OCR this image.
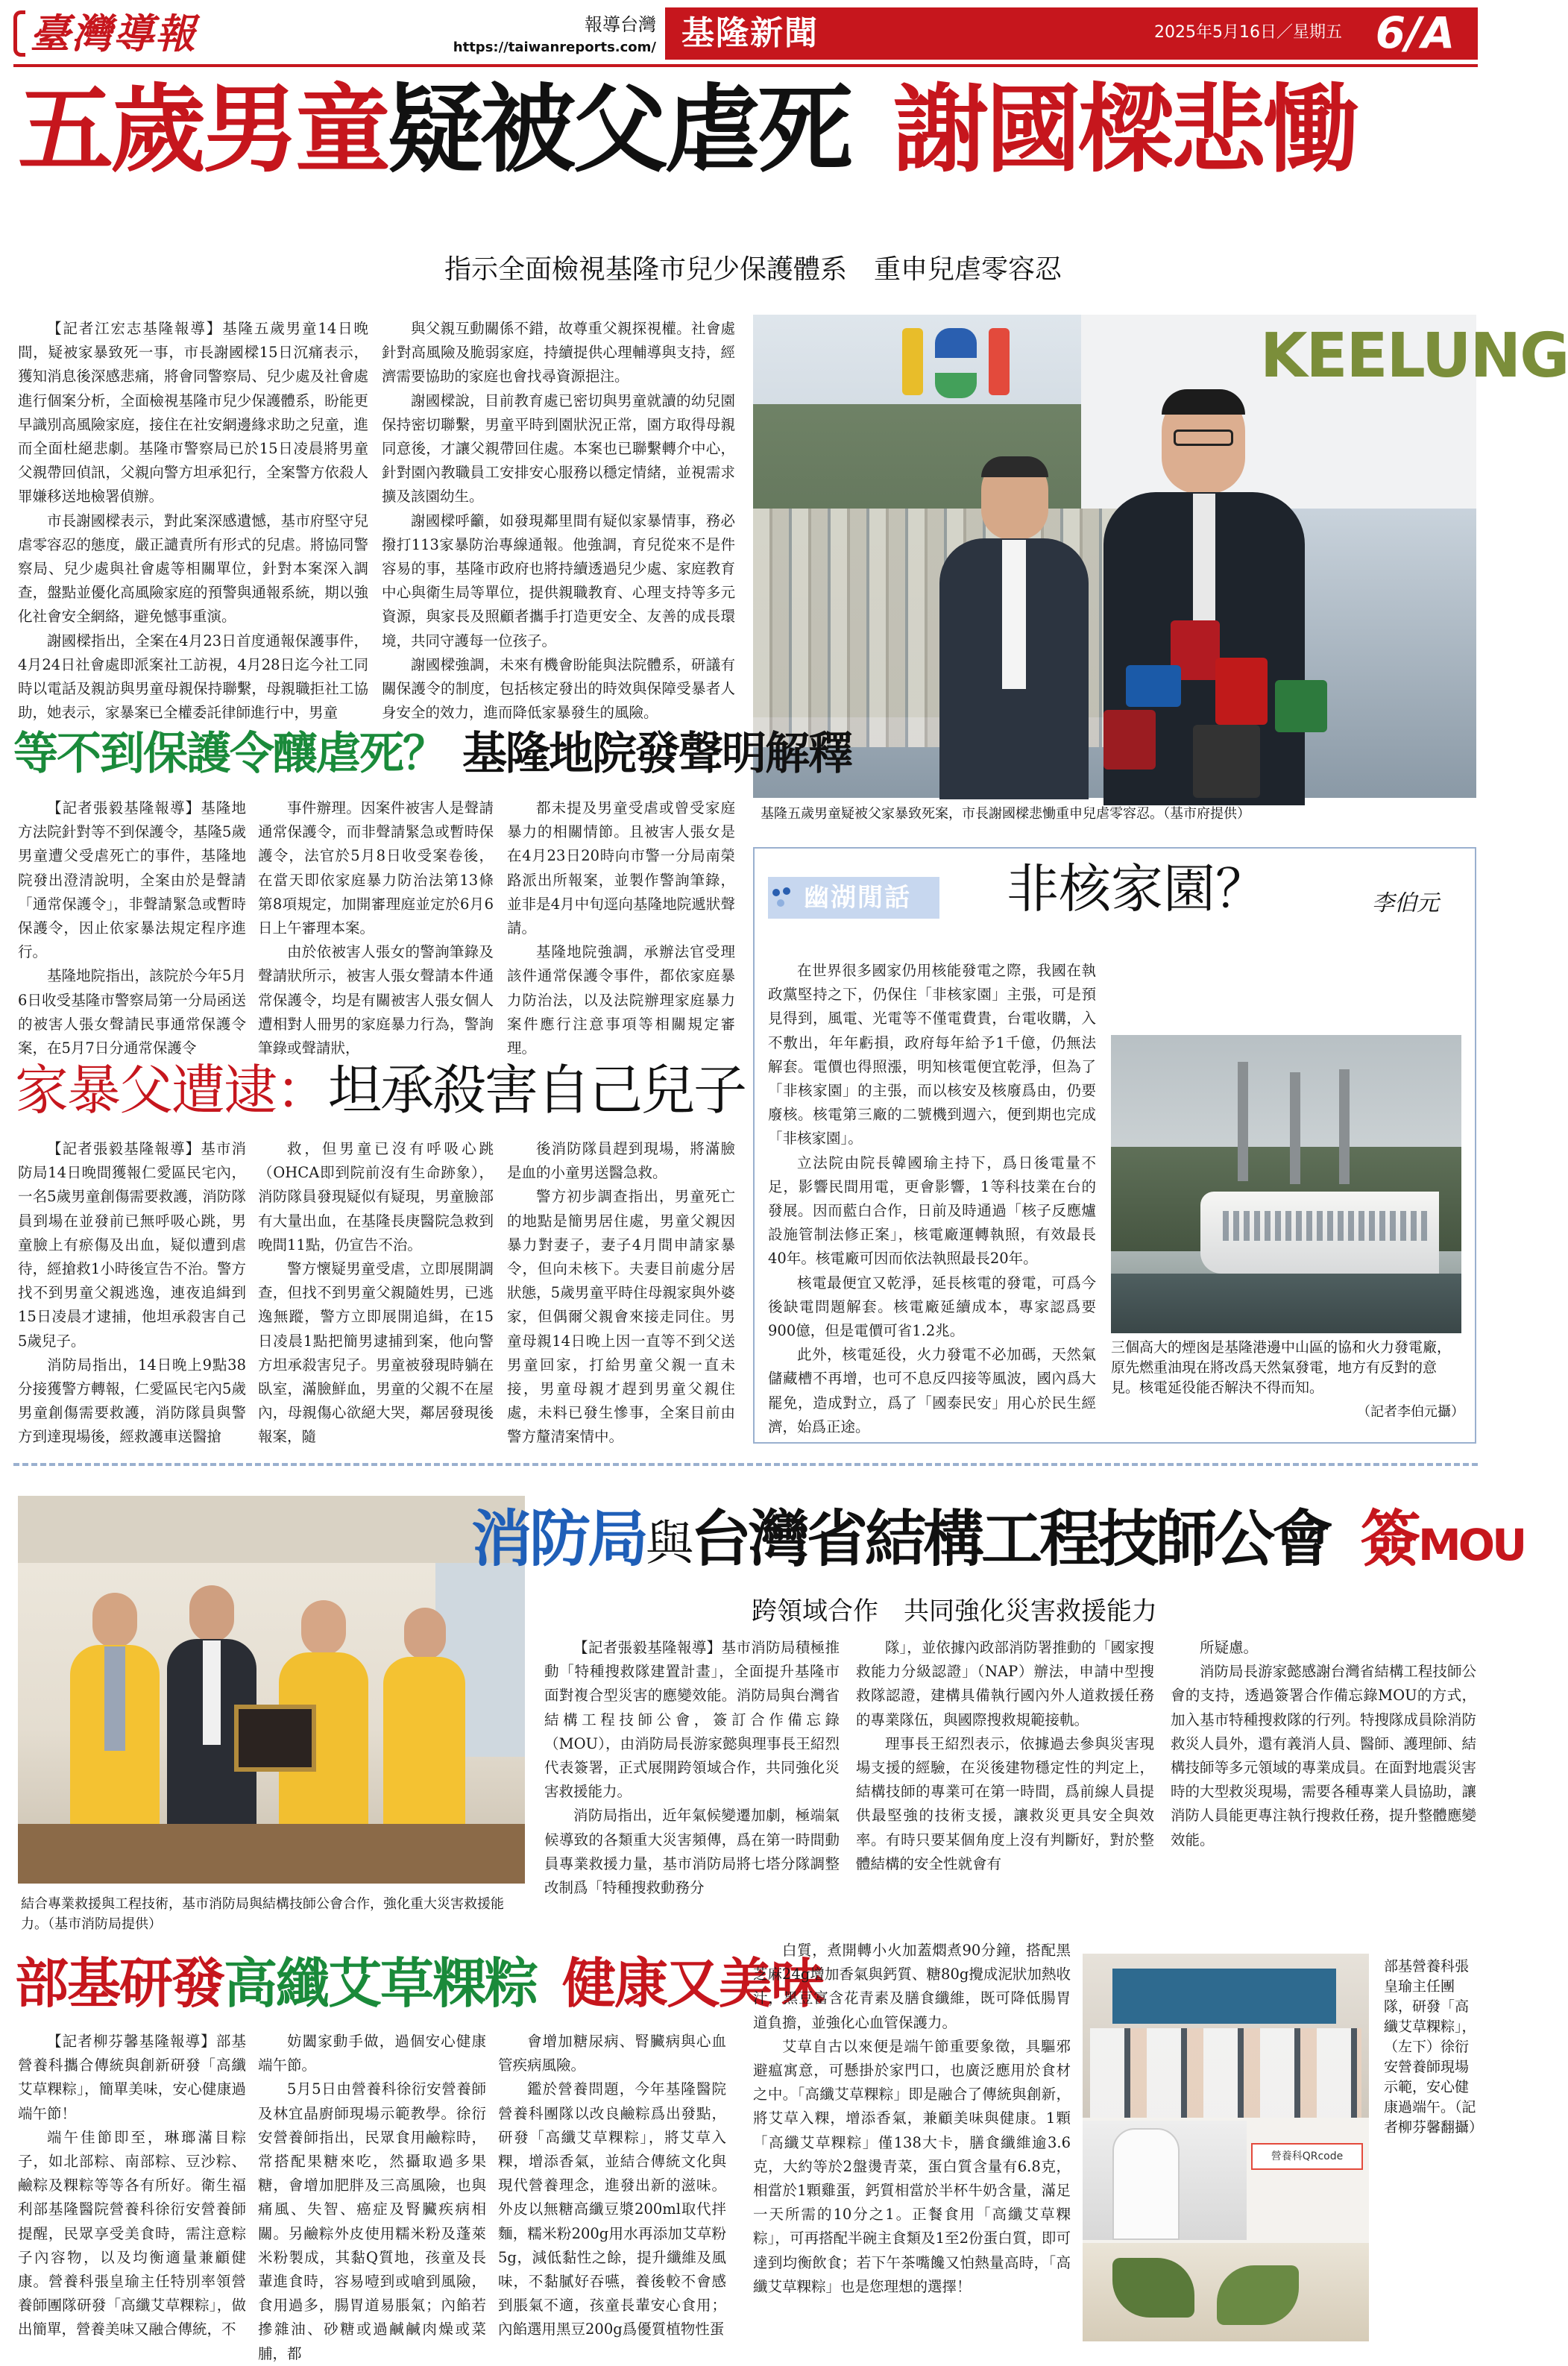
臺灣導報	報導台灣
https://taiwanreports.com/ 基隆新聞	2025年5月16日／星期五 6/A
五歲男童疑被父虐死 謝國樑悲慟
指示全面檢視基隆市兒少保護體系　重申兒虐零容忍

【記者江宏志基隆報導】基隆五歲男童14日晚間，疑被家暴致死一事，市長謝國樑15日沉痛表示，獲知消息後深感悲痛，將會同警察局、兒少處及社會處進行個案分析，全面檢視基隆市兒少保護體系，盼能更早識別高風險家庭，接住在社安網邊緣求助之兒童，進而全面杜絕悲劇。基隆市警察局已於15日凌晨將男童父親帶回偵訊，父親向警方坦承犯行，全案警方依殺人罪嫌移送地檢署偵辦。

市長謝國樑表示，對此案深感遺憾，基市府堅守兒虐零容忍的態度，嚴正譴責所有形式的兒虐。將協同警察局、兒少處與社會處等相關單位，針對本案深入調查，盤點並優化高風險家庭的預警與通報系統，期以強化社會安全網絡，避免憾事重演。

謝國樑指出，全案在4月23日首度通報保護事件，4月24日社會處即派案社工訪視，4月28日迄今社工同時以電話及親訪與男童母親保持聯繫，母親職拒社工協助，她表示，家暴案已全權委託律師進行中，男童

與父親互動關係不錯，故尊重父親探視權。社會處針對高風險及脆弱家庭，持續提供心理輔導與支持，經濟需要協助的家庭也會找尋資源挹注。

謝國樑說，目前教育處已密切與男童就讀的幼兒園保持密切聯繫，男童平時到園狀況正常，園方取得母親同意後，才讓父親帶回住處。本案也已聯繫轉介中心，針對園內教職員工安排安心服務以穩定情緒，並視需求擴及該園幼生。

謝國樑呼籲，如發現鄰里間有疑似家暴情事，務必撥打113家暴防治專線通報。他強調，育兒從來不是件容易的事，基隆市政府也將持續透過兒少處、家庭教育中心與衛生局等單位，提供親職教育、心理支持等多元資源，與家長及照顧者攜手打造更安全、友善的成長環境，共同守護每一位孩子。

謝國樑強調，未來有機會盼能與法院體系，研議有關保護令的制度，包括核定發出的時效與保障受暴者人身安全的效力，進而降低家暴發生的風險。

KEELUNG
基隆五歲男童疑被父家暴致死案，市長謝國樑悲慟重申兒虐零容忍。（基市府提供）
等不到保護令釀虐死？ 基隆地院發聲明解釋

【記者張毅基隆報導】基隆地方法院針對等不到保護令，基隆5歲男童遭父受虐死亡的事件，基隆地院發出澄清說明，全案由於是聲請「通常保護令」，非聲請緊急或暫時保護令，因止依家暴法規定程序進行。

基隆地院指出，該院於今年5月6日收受基隆市警察局第一分局函送的被害人張女聲請民事通常保護令案，在5月7日分通常保護令

事件辦理。因案件被害人是聲請通常保護令，而非聲請緊急或暫時保護令，法官於5月8日收受案卷後，在當天即依家庭暴力防治法第13條第8項規定，加開審理庭並定於6月6日上午審理本案。

由於依被害人張女的警詢筆錄及聲請狀所示，被害人張女聲請本件通常保護令，均是有關被害人張女個人遭相對人冊男的家庭暴力行為，警詢筆錄或聲請狀，

都未提及男童受虐或曾受家庭暴力的相關情節。且被害人張女是在4月23日20時向市警一分局南榮路派出所報案，並製作警詢筆錄，並非是4月中旬逕向基隆地院遞狀聲請。

基隆地院強調，承辦法官受理該件通常保護令事件，都依家庭暴力防治法，以及法院辦理家庭暴力案件應行注意事項等相關規定審理。

家暴父遭逮：坦承殺害自己兒子

【記者張毅基隆報導】基市消防局14日晚間獲報仁愛區民宅內，一名5歲男童創傷需要救護，消防隊員到場在並發前已無呼吸心跳，男童臉上有瘀傷及出血，疑似遭到虐待，經搶救1小時後宣告不治。警方找不到男童父親逃逸，連夜追緝到15日凌晨才逮捕，他坦承殺害自己5歲兒子。

消防局指出，14日晚上9點38分接獲警方轉報，仁愛區民宅內5歲男童創傷需要救護，消防隊員與警方到達現場後，經救護車送醫搶

救，但男童已沒有呼吸心跳（OHCA即到院前沒有生命跡象），消防隊員發現疑似有疑現，男童臉部有大量出血，在基隆長庚醫院急救到晚間11點，仍宣告不治。

警方懷疑男童受虐，立即展開調查，但找不到男童父親隨姓男，已逃逸無蹤，警方立即展開追緝，在15日凌晨1點把簡男逮捕到案，他向警方坦承殺害兒子。男童被發現時躺在臥室，滿臉鮮血，男童的父親不在屋內，母親傷心欲絕大哭，鄰居發現後報案，隨

後消防隊員趕到現場，將滿臉是血的小童男送醫急救。

警方初步調查指出，男童死亡的地點是簡男居住處，男童父親因暴力對妻子，妻子4月間申請家暴令，但向未核下。夫妻目前處分居狀態，5歲男童平時住母親家與外婆家，但偶爾父親會來接走同住。男童母親14日晚上因一直等不到父送男童回家，打給男童父親一直未接，男童母親才趕到男童父親住處，未料已發生慘事，全案目前由警方釐清案情中。

幽湖閒話 非核家園？	李伯元

在世界很多國家仍用核能發電之際，我國在執政黨堅持之下，仍保住「非核家園」主張，可是預見得到，風電、光電等不僅電費貴，台電收購，入不敷出，年年虧損，政府每年給予1千億，仍無法解套。電價也得照漲，明知核電便宜乾淨，但為了「非核家園」的主張，而以核安及核廢爲由，仍要廢核。核電第三廠的二號機到週六，便到期也完成「非核家園」。

立法院由院長韓國瑜主持下，爲日後電量不足，影響民間用電，更會影響，1等科技業在台的發展。因而藍白合作，日前及時通過「核子反應爐設施管制法修正案」，核電廠運轉執照，有效最長40年。核電廠可因而依法執照最長20年。

核電最便宜又乾淨，延長核電的發電，可爲今後缺電問題解套。核電廠延續成本，專家認爲要900億，但是電價可省1.2兆。

此外，核電延役，火力發電不必加碼，天然氣儲藏槽不再增，也可不息反四接等風波，國內爲大罷免，造成對立，爲了「國泰民安」用心於民生經濟，始爲正途。

三個高大的煙囪是基隆港邊中山區的協和火力發電廠，原先燃重油現在將改爲天然氣發電，地方有反對的意見。核電延役能否解決不得而知。
（記者李伯元攝）
結合專業救援與工程技術，基市消防局與結構技師公會合作，強化重大災害救援能力。（基市消防局提供）
消防局與台灣省結構工程技師公會 簽MOU
跨領域合作　共同強化災害救援能力

【記者張毅基隆報導】基市消防局積極推動「特種搜救隊建置計畫」，全面提升基隆市面對複合型災害的應變效能。消防局與台灣省結構工程技師公會，簽訂合作備忘錄（MOU），由消防局長游家懿與理事長王紹烈代表簽署，正式展開跨領域合作，共同強化災害救援能力。

消防局指出，近年氣候變遷加劇，極端氣候導致的各類重大災害頻傳，爲在第一時間動員專業救援力量，基市消防局將七塔分隊調整改制爲「特種搜救動務分

隊」，並依據內政部消防署推動的「國家搜救能力分級認證」（NAP）辦法，申請中型搜救隊認證，建構具備執行國內外人道救援任務的專業隊伍，與國際搜救規範接軌。

理事長王紹烈表示，依據過去參與災害現場支援的經驗，在災後建物穩定性的判定上，結構技師的專業可在第一時間，爲前線人員提供最堅強的技術支援，讓救災更具安全與效率。有時只要某個角度上沒有判斷好，對於整體結構的安全性就會有

所疑慮。

消防局長游家懿感謝台灣省結構工程技師公會的支持，透過簽署合作備忘錄MOU的方式，加入基市特種搜救隊的行列。特搜隊成員除消防救災人員外，還有義消人員、醫師、護理師、結構技師等多元領域的專業成員。在面對地震災害時的大型救災現場，需要各種專業人員協助，讓消防人員能更專注執行搜救任務，提升整體應變效能。

部基研發高纖艾草粿粽 健康又美味

【記者柳芬馨基隆報導】部基營養科攜合傳統與創新研發「高纖艾草粿粽」，簡單美味，安心健康過端午節！

端午佳節即至，琳瑯滿目粽子，如北部粽、南部粽、豆沙粽、鹼粽及粿粽等等各有所好。衛生福利部基隆醫院營養科徐衍安營養師提醒，民眾享受美食時，需注意粽子內容物，以及均衡適量兼顧健康。營養科張皇瑜主任特別率領營養師團隊研發「高纖艾草粿粽」，做出簡單，營養美味又融合傳統，不

妨闔家動手做，過個安心健康端午節。

5月5日由營養科徐衍安營養師及林宜晶廚師現場示範教學。徐衍安營養師指出，民眾食用鹼粽時，常搭配果糖來吃，然攝取過多果糖，會增加肥胖及三高風險，也與痛風、失智、癌症及腎臟疾病相關。另鹼粽外皮使用糯米粉及蓬萊米粉製成，其黏Q質地，孩童及長輩進食時，容易噎到或嗆到風險，食用過多，腸胃道易脹氣；內餡若摻雜油、砂糖或過鹹鹹肉燥或菜脯，都

會增加糖尿病、腎臟病與心血管疾病風險。

鑑於營養問題，今年基隆醫院營養科團隊以改良鹼粽爲出發點，研發「高纖艾草粿粽」，將艾草入粿，增添香氣，並結合傳統文化與現代營養理念，進發出新的滋味。外皮以無糖高纖豆漿200ml取代拌麵，糯米粉200g用水再添加艾草粉5g，減低黏性之餘，提升纖維及風味，不黏膩好吞嚥，養後較不會感到脹氣不適，孩童長輩安心食用；內餡選用黑豆200g爲優質植物性蛋

白質，煮開轉小火加蓋燜煮90分鐘，搭配黑芝麻24g增加香氣與鈣質、糖80g攪成泥狀加熱收汁，黑豆富含花青素及膳食纖維，既可降低腸胃道負擔，並強化心血管保護力。

艾草自古以來便是端午節重要象徵，具驅邪避瘟寓意，可懸掛於家門口，也廣泛應用於食材之中。「高纖艾草粿粽」即是融合了傳統與創新，將艾草入粿，增添香氣，兼顧美味與健康。1顆「高纖艾草粿粽」僅138大卡，膳食纖維逾3.6克，大約等於2盤燙青菜，蛋白質含量有6.8克，相當於1顆雞蛋，鈣質相當於半杯牛奶含量，滿足一天所需的10分之1。正餐食用「高纖艾草粿粽」，可再搭配半碗主食類及1至2份蛋白質，即可達到均衡飲食；若下午茶嘴饞又怕熱量高時，「高纖艾草粿粽」也是您理想的選擇！

營養科QRcode
部基營養科張皇瑜主任團隊，研發「高纖艾草粿粽」，（左下）徐衍安營養師現場示範，安心健康過端午。（記者柳芬馨翻攝）
